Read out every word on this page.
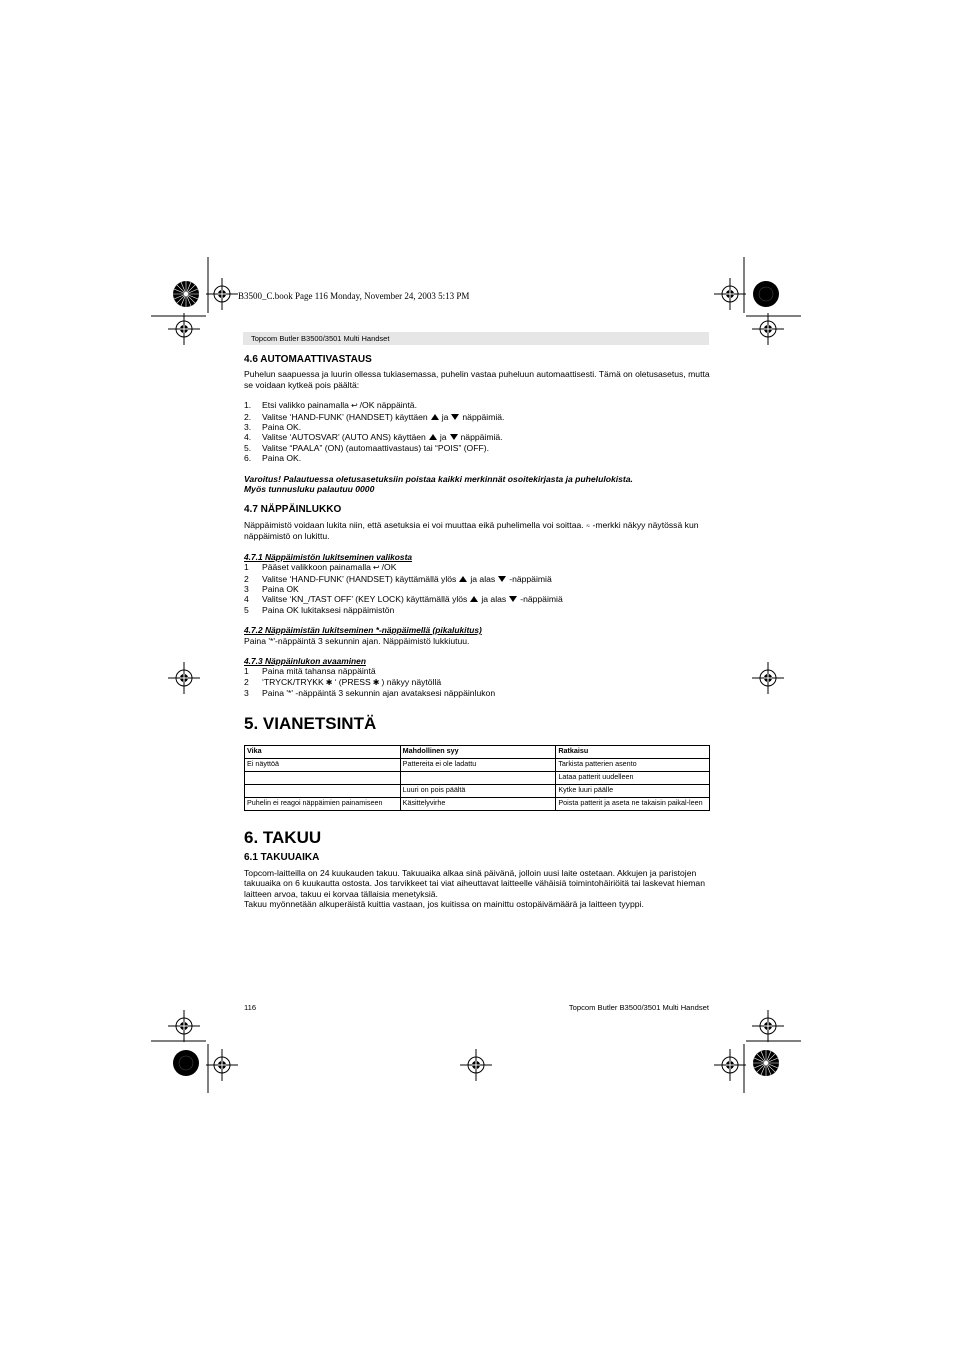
B3500_C.book Page 116 Monday, November 24, 2003 5:13 PM
Topcom Butler B3500/3501 Multi Handset
4.6 AUTOMAATTIVASTAUS

Puhelun saapuessa ja luurin ollessa tukiasemassa, puhelin vastaa puheluun automaattisesti. Tämä on oletusasetus, mutta se voidaan kytkeä pois päältä:

1.	Etsi valikko painamalla ↩ /OK näppäintä.
2.	Valitse ‘HAND-FUNK’ (HANDSET) käyttäen ja näppäimiä.
3.	Paina OK.
4.	Valitse ‘AUTOSVAR’ (AUTO ANS) käyttäen ja näppäimiä.
5.	Valitse “PAALA” (ON) (automaattivastaus) tai “POIS” (OFF).
6.	Paina OK.

Varoitus! Palautuessa oletusasetuksiin poistaa kaikki merkinnät osoitekirjasta ja puhelulokista.

Myös tunnusluku palautuu 0000

4.7 NÄPPÄINLUKKO

Näppäimistö voidaan lukita niin, että asetuksia ei voi muuttaa eikä puhelimella voi soittaa. ⍨ -merkki näkyy näytössä kun näppäimistö on lukittu.

4.7.1 Näppäimistön lukitseminen valikosta
1	Pääset valikkoon painamalla ↩ /OK
2	Valitse ‘HAND-FUNK’ (HANDSET) käyttämällä ylös ja alas -näppäimiä
3	Paina OK
4	Valitse ‘KN_/TAST OFF’ (KEY LOCK) käyttämällä ylös ja alas -näppäimiä
5	Paina OK lukitaksesi näppäimistön
4.7.2 Näppäimistän lukitseminen *-näppäimellä (pikalukitus)

Paina '*'-näppäintä 3 sekunnin ajan. Näppäimistö lukkiutuu.

4.7.3 Näppäinlukon avaaminen
1	Paina mitä tahansa näppäintä
2	‘TRYCK/TRYKK ✱ ‘ (PRESS ✱ ) näkyy näytöllä
3	Paina '*' -näppäintä 3 sekunnin ajan avataksesi näppäinlukon
5. VIANETSINTÄ
Vika	Mahdollinen syy	Ratkaisu
Ei näyttöä	Pattereita ei ole ladattu	Tarkista patterien asento
		Lataa patterit uudelleen
	Luuri on pois päältä	Kytke luuri päälle
Puhelin ei reagoi näppäimien painamiseen	Käsittelyvirhe	Poista patterit ja aseta ne takaisin paikal-leen
6. TAKUU
6.1 TAKUUAIKA

Topcom-laitteilla on 24 kuukauden takuu. Takuuaika alkaa sinä päivänä, jolloin uusi laite ostetaan. Akkujen ja paristojen takuuaika on 6 kuukautta ostosta. Jos tarvikkeet tai viat aiheuttavat laitteelle vähäisiä toimintohäiriöitä tai laskevat hieman laitteen arvoa, takuu ei korvaa tällaisia menetyksiä.

Takuu myönnetään alkuperäistä kuittia vastaan, jos kuitissa on mainittu ostopäivämäärä ja laitteen tyyppi.

116	Topcom Butler B3500/3501 Multi Handset
